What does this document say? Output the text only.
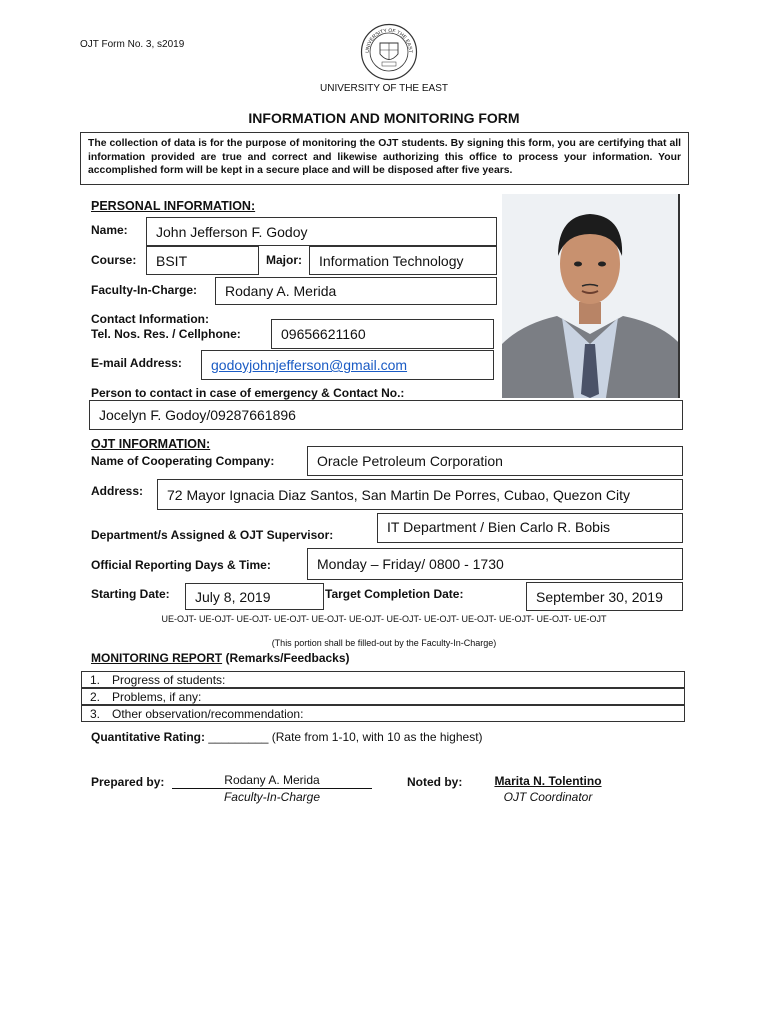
OJT Form No. 3, s2019
UNIVERSITY OF THE EAST
UNIVERSITY OF THE EAST
INFORMATION AND MONITORING FORM
The collection of data is for the purpose of monitoring the OJT students. By signing this form, you are certifying that all information provided are true and correct and likewise authorizing this office to process your information. Your accomplished form will be kept in a secure place and will be disposed after five years.
PERSONAL INFORMATION:
Name:	John Jefferson F. Godoy
Course:	BSIT	Major:	Information Technology
Faculty-In-Charge:	Rodany A. Merida
Contact Information:
Tel. Nos. Res. / Cellphone:	09656621160
E-mail Address: godoyjohnjefferson@gmail.com
Person to contact in case of emergency & Contact No.:
Jocelyn F. Godoy/09287661896
OJT INFORMATION:
Name of Cooperating Company:	Oracle Petroleum Corporation
Address:	72 Mayor Ignacia Diaz Santos, San Martin De Porres, Cubao, Quezon City
Department/s Assigned & OJT Supervisor:	IT Department / Bien Carlo R. Bobis
Official Reporting Days & Time:	Monday – Friday/ 0800 - 1730
Starting Date:	July 8, 2019	Target Completion Date:	September 30, 2019
UE-OJT- UE-OJT- UE-OJT- UE-OJT- UE-OJT- UE-OJT- UE-OJT- UE-OJT- UE-OJT- UE-OJT- UE-OJT- UE-OJT
(This portion shall be filled-out by the Faculty-In-Charge)
MONITORING REPORT (Remarks/Feedbacks)
1. Progress of students:
2. Problems, if any:
3. Other observation/recommendation:
Quantitative Rating: _________ (Rate from 1-10, with 10 as the highest)
Prepared by:	Rodany A. Merida
Faculty-In-Charge
Noted by:	Marita N. Tolentino
OJT Coordinator
